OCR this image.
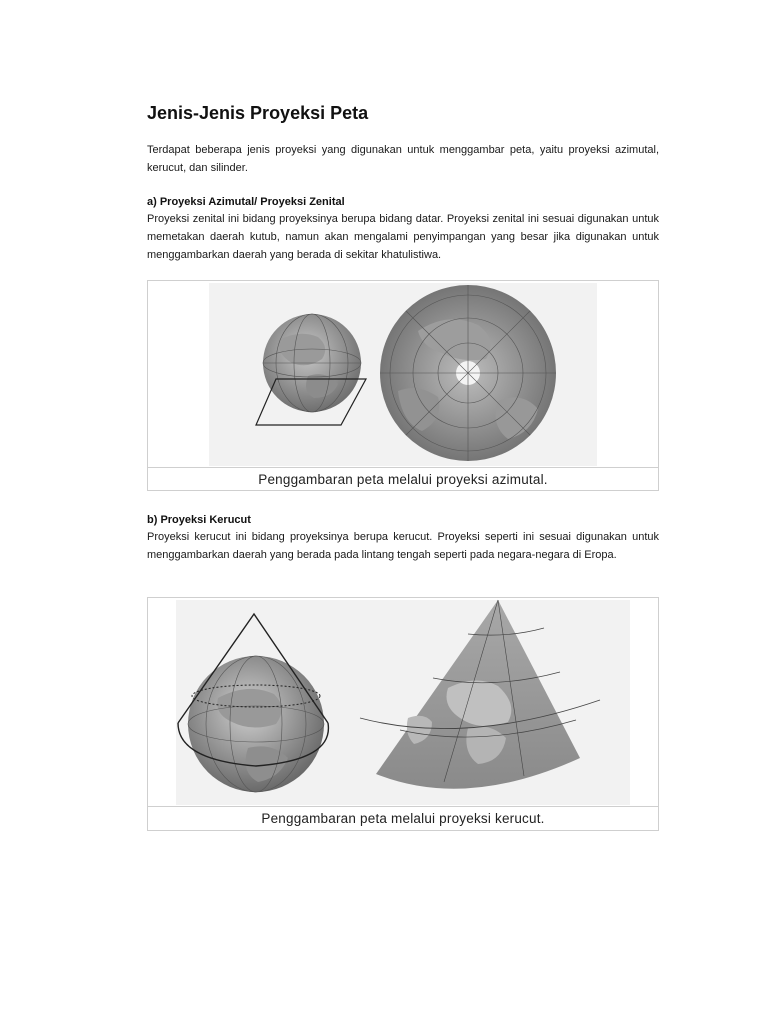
Jenis-Jenis Proyeksi Peta

Terdapat beberapa jenis proyeksi yang digunakan untuk menggambar peta, yaitu proyeksi azimutal, kerucut, dan silinder.

a) Proyeksi Azimutal/ Proyeksi Zenital

Proyeksi zenital ini bidang proyeksinya berupa bidang datar. Proyeksi zenital ini sesuai digunakan untuk memetakan daerah kutub, namun akan mengalami penyimpangan yang besar jika digunakan untuk menggambarkan daerah yang berada di sekitar khatulistiwa.

Penggambaran peta melalui proyeksi azimutal.

b) Proyeksi Kerucut

Proyeksi kerucut ini bidang proyeksinya berupa kerucut. Proyeksi seperti ini sesuai digunakan untuk menggambarkan daerah yang berada pada lintang tengah seperti pada negara-negara di Eropa.

Penggambaran peta melalui proyeksi kerucut.
